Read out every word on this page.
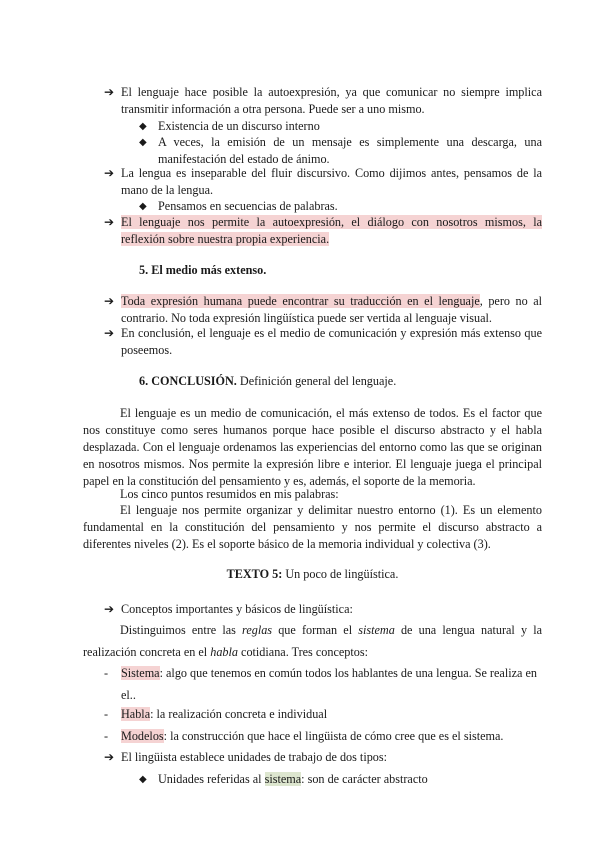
➔ El lenguaje hace posible la autoexpresión, ya que comunicar no siempre implica transmitir información a otra persona. Puede ser a uno mismo.
◆ Existencia de un discurso interno
◆ A veces, la emisión de un mensaje es simplemente una descarga, una manifestación del estado de ánimo.
➔ La lengua es inseparable del fluir discursivo. Como dijimos antes, pensamos de la mano de la lengua.
◆ Pensamos en secuencias de palabras.
➔ El lenguaje nos permite la autoexpresión, el diálogo con nosotros mismos, la reflexión sobre nuestra propia experiencia.
5. El medio más extenso.
➔ Toda expresión humana puede encontrar su traducción en el lenguaje, pero no al contrario. No toda expresión lingüística puede ser vertida al lenguaje visual.
➔ En conclusión, el lenguaje es el medio de comunicación y expresión más extenso que poseemos.
6. CONCLUSIÓN. Definición general del lenguaje.
El lenguaje es un medio de comunicación, el más extenso de todos. Es el factor que nos constituye como seres humanos porque hace posible el discurso abstracto y el habla desplazada. Con el lenguaje ordenamos las experiencias del entorno como las que se originan en nosotros mismos. Nos permite la expresión libre e interior. El lenguaje juega el principal papel en la constitución del pensamiento y es, además, el soporte de la memoria.
Los cinco puntos resumidos en mis palabras:
El lenguaje nos permite organizar y delimitar nuestro entorno (1). Es un elemento fundamental en la constitución del pensamiento y nos permite el discurso abstracto a diferentes niveles (2). Es el soporte básico de la memoria individual y colectiva (3).
TEXTO 5: Un poco de lingüística.
➔ Conceptos importantes y básicos de lingüística:
Distinguimos entre las reglas que forman el sistema de una lengua natural y la realización concreta en el habla cotidiana. Tres conceptos:
-	Sistema: algo que tenemos en común todos los hablantes de una lengua. Se realiza en el..
-	Habla: la realización concreta e individual
-	Modelos: la construcción que hace el lingüista de cómo cree que es el sistema.
➔ El lingüista establece unidades de trabajo de dos tipos:
◆ Unidades referidas al sistema: son de carácter abstracto
